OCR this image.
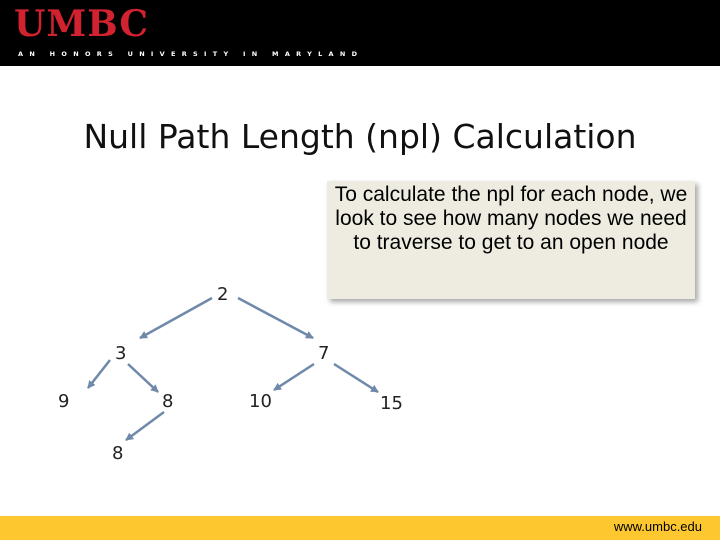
UMBC
AN HONORS UNIVERSITY IN MARYLAND
Null Path Length (npl) Calculation
To calculate the npl for each node, we look to see how many nodes we need to traverse to get to an open node
2
3	7
9	8	10	15
8
www.umbc.edu
